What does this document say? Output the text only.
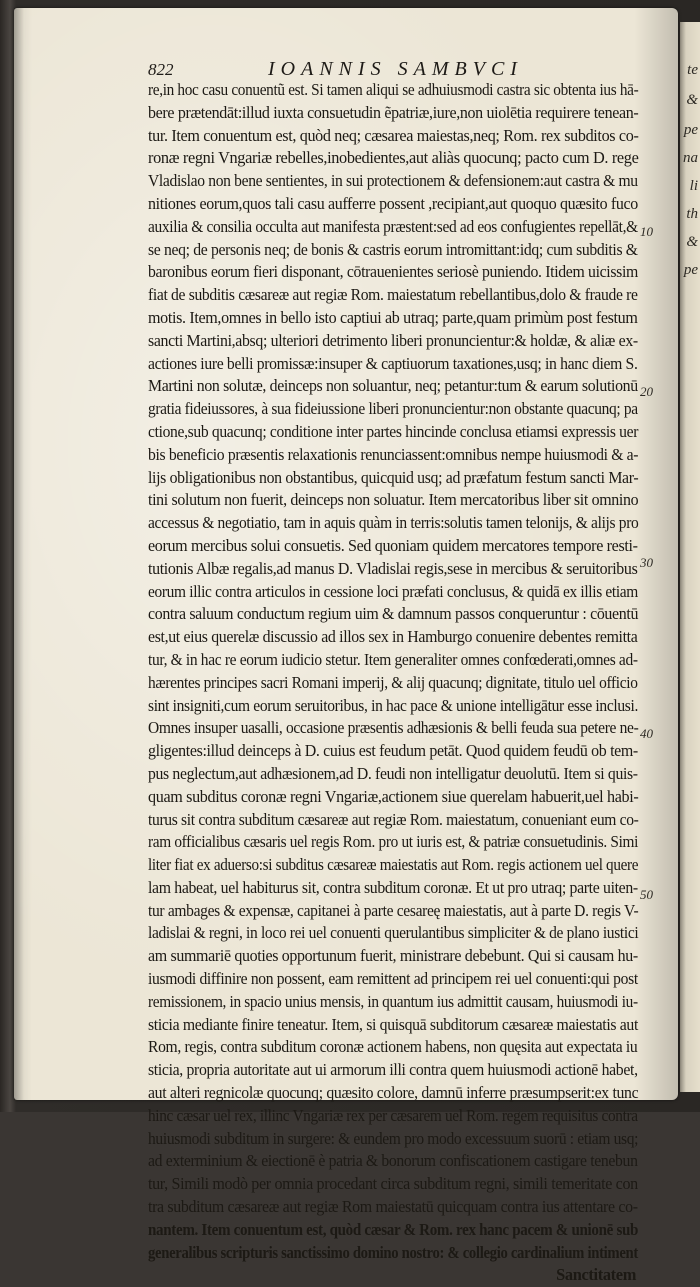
te
&
pe
na
li
th
&
pe
822	IOANNIS SAMBVCI
re,in hoc casu conuentũ est. Si tamen aliqui se adhuiusmodi castra sic obtenta ius hā-
bere prætendāt:illud iuxta consuetudin ẽpatriæ,iure,non uiolētia requirere tenean-
tur. Item conuentum est, quòd neq; cæsarea maiestas,neq; Rom. rex subditos co-
ronæ regni Vngariæ rebelles,inobedientes,aut aliàs quocunq; pacto cum D. rege
Vladislao non bene sentientes, in sui protectionem & defensionem:aut castra & mu
nitiones eorum,quos tali casu aufferre possent ,recipiant,aut quoquo quæsito fuco
auxilia & consilia occulta aut manifesta præstent:sed ad eos confugientes repellāt,&
se neq; de personis neq; de bonis & castris eorum intromittant:idq; cum subditis &
baronibus eorum fieri disponant, cōtrauenientes seriosè puniendo. Itidem uicissim
fiat de subditis cæsareæ aut regiæ Rom. maiestatum rebellantibus,dolo & fraude re
motis. Item,omnes in bello isto captiui ab utraq; parte,quam primùm post festum
sancti Martini,absq; ulteriori detrimento liberi pronuncientur:& holdæ, & aliæ ex-
actiones iure belli promissæ:insuper & captiuorum taxationes,usq; in hanc diem S.
Martini non solutæ, deinceps non soluantur, neq; petantur:tum & earum solutionū
gratia fideiussores, à sua fideiussione liberi pronuncientur:non obstante quacunq; pa
ctione,sub quacunq; conditione inter partes hincinde conclusa etiamsi expressis uer
bis beneficio præsentis relaxationis renunciassent:omnibus nempe huiusmodi & a-
lijs obligationibus non obstantibus, quicquid usq; ad præfatum festum sancti Mar-
tini solutum non fuerit, deinceps non soluatur. Item mercatoribus liber sit omnino
accessus & negotiatio, tam in aquis quàm in terris:solutis tamen telonijs, & alijs pro
eorum mercibus solui consuetis. Sed quoniam quidem mercatores tempore resti-
tutionis Albæ regalis,ad manus D. Vladislai regis,sese in mercibus & seruitoribus
eorum illic contra articulos in cessione loci præfati conclusus, & quidā ex illis etiam
contra saluum conductum regium uim & damnum passos conqueruntur : cōuentū
est,ut eius querelæ discussio ad illos sex in Hamburgo conuenire debentes remitta
tur, & in hac re eorum iudicio stetur. Item generaliter omnes confœderati,omnes ad-
hærentes principes sacri Romani imperij, & alij quacunq; dignitate, titulo uel officio
sint insigniti,cum eorum seruitoribus, in hac pace & unione intelligātur esse inclusi.
Omnes insuper uasalli, occasione præsentis adhæsionis & belli feuda sua petere ne-
gligentes:illud deinceps à D. cuius est feudum petāt. Quod quidem feudū ob tem-
pus neglectum,aut adhæsionem,ad D. feudi non intelligatur deuolutū. Item si quis-
quam subditus coronæ regni Vngariæ,actionem siue querelam habuerit,uel habi-
turus sit contra subditum cæsareæ aut regiæ Rom. maiestatum, conueniant eum co-
ram officialibus cæsaris uel regis Rom. pro ut iuris est, & patriæ consuetudinis. Simi
liter fiat ex aduerso:si subditus cæsareæ maiestatis aut Rom. regis actionem uel quere
lam habeat, uel habiturus sit, contra subditum coronæ. Et ut pro utraq; parte uiten-
tur ambages & expensæ, capitanei à parte cesareę maiestatis, aut à parte D. regis V-
ladislai & regni, in loco rei uel conuenti querulantibus simpliciter & de plano iustici
am summariē quoties opportunum fuerit, ministrare debebunt. Qui si causam hu-
iusmodi diffinire non possent, eam remittent ad principem rei uel conuenti:qui post
remissionem, in spacio unius mensis, in quantum ius admittit causam, huiusmodi iu-
sticia mediante finire teneatur. Item, si quisquā subditorum cæsareæ maiestatis aut
Rom, regis, contra subditum coronæ actionem habens, non quęsita aut expectata iu
sticia, propria autoritate aut ui armorum illi contra quem huiusmodi actionē habet,
aut alteri regnicolæ quocunq; quæsito colore, damnū inferre præsumpserit:ex tunc
hinc cæsar uel rex, illinc Vngariæ rex per cæsarem uel Rom. regem requisitus contra
huiusmodi subditum in surgere: & eundem pro modo excessuum suorū : etiam usq;
ad exterminium & eiectionē è patria & bonorum confiscationem castigare tenebun
tur, Simili modò per omnia procedant circa subditum regni, simili temeritate con
tra subditum cæsareæ aut regiæ Rom maiestatū quicquam contra ius attentare co-
nantem. Item conuentum est, quòd cæsar & Rom. rex hanc pacem & unionē sub
generalibus scripturis sanctissimo domino nostro: & collegio cardinalium intiment
Sanctitatem
10
20
30
40
50
